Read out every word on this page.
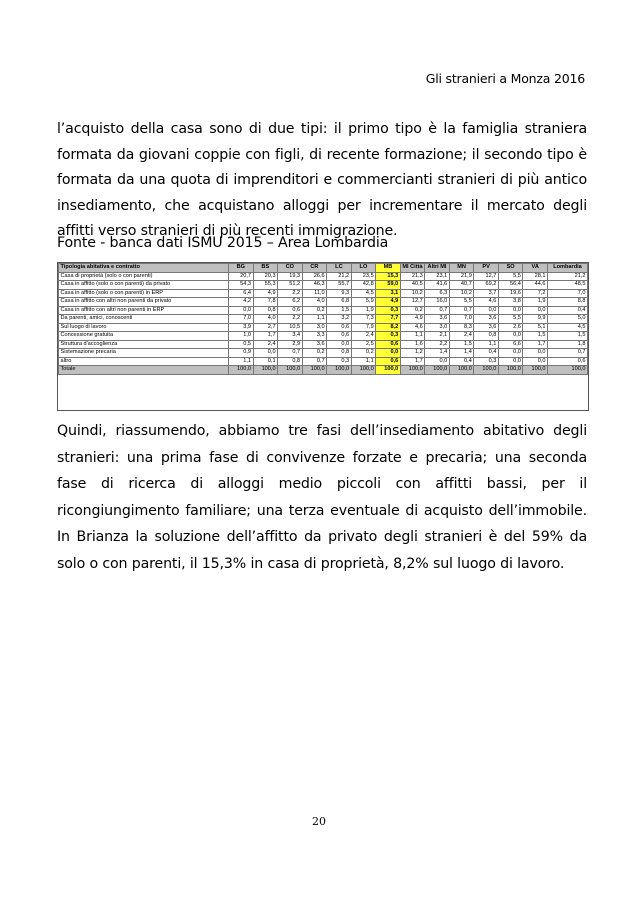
Gli stranieri a Monza 2016
l’acquisto della casa sono di due tipi: il primo tipo è la famiglia straniera formata da giovani coppie con figli, di recente formazione; il secondo tipo è formata da una quota di imprenditori e commercianti stranieri di più antico insediamento, che acquistano alloggi per incrementare il mercato degli affitti verso stranieri di più recenti immigrazione.
Fonte - banca dati ISMU 2015 – Area Lombardia
Tipologia abitativa e contratto	BG	BS	CO	CR	LC	LO	MB	MI Città	Altri MI	MN	PV	SO	VA	Lombardia
Casa di proprietà (solo o con parenti)	20,7	20,3	19,3	26,6	21,2	23,5	15,3	21,3	23,1	21,9	12,7	5,5	28,1	21,2
Casa in affitto (solo o con parenti) da privato	54,3	55,3	51,2	46,3	55,7	42,8	59,0	40,5	41,6	40,7	69,2	56,4	44,6	48,5
Casa in affitto (solo o con parenti) in ERP	6,4	4,9	2,2	11,0	9,3	4,5	3,1	10,2	6,3	10,2	3,7	19,6	7,2	7,0
Casa in affitto con altri non parenti da privato	4,2	7,8	6,2	4,0	6,8	5,9	4,9	12,7	16,0	5,5	4,6	3,8	1,9	8,8
Casa in affitto con altri non parenti in ERP	0,0	0,8	0,6	0,2	1,5	1,9	0,3	0,2	0,7	0,7	0,0	0,0	0,0	0,4
Da parenti, amici, conoscenti	7,0	4,0	2,2	1,1	3,2	7,3	7,7	4,9	3,6	7,0	3,6	5,5	9,9	5,0
Sul luogo di lavoro	3,9	2,7	10,5	3,0	0,6	7,9	8,2	4,6	3,0	8,3	3,6	2,6	5,1	4,5
Concessione gratuita	1,0	1,7	3,4	3,3	0,6	2,4	0,3	1,1	2,1	2,4	0,8	0,0	1,5	1,5
Struttura d'accoglienza	0,5	2,4	2,9	3,6	0,0	2,5	0,6	1,6	2,2	1,5	1,1	6,6	1,7	1,8
Sistemazione precaria	0,9	0,0	0,7	0,2	0,8	0,2	0,0	1,2	1,4	1,4	0,4	0,0	0,0	0,7
altro	1,1	0,1	0,8	0,7	0,3	1,1	0,6	1,7	0,0	0,4	0,3	0,0	0,0	0,6
Totale	100,0	100,0	100,0	100,0	100,0	100,0	100,0	100,0	100,0	100,0	100,0	100,0	100,0	100,0
Quindi, riassumendo, abbiamo tre fasi dell’insediamento abitativo degli stranieri: una prima fase di convivenze forzate e precaria; una seconda fase di ricerca di alloggi medio piccoli con affitti bassi, per il ricongiungimento familiare; una terza eventuale di acquisto dell’immobile. In Brianza la soluzione dell’affitto da privato degli stranieri è del 59% da solo o con parenti, il 15,3% in casa di proprietà, 8,2% sul luogo di lavoro.
20
